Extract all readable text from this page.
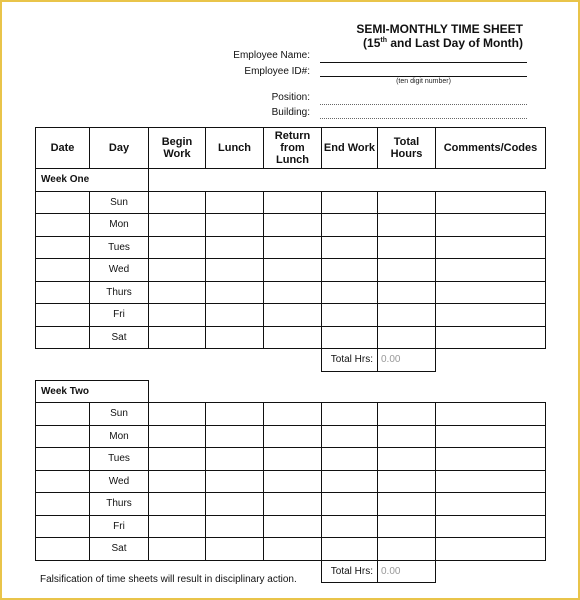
SEMI-MONTHLY TIME SHEET
(15th and Last Day of Month)
Employee Name:
Employee ID#:
(ten digit number)
Position:
Building:
Date	Day	Begin Work	Lunch	Return from Lunch	End Work	Total Hours	Comments/Codes
Week One							
	Sun						
	Mon						
	Tues						
	Wed						
	Thurs						
	Fri						
	Sat						
					Total Hrs:	0.00	

Week Two							
	Sun						
	Mon						
	Tues						
	Wed						
	Thurs						
	Fri						
	Sat						
					Total Hrs:	0.00	
Falsification of time sheets will result in disciplinary action.
